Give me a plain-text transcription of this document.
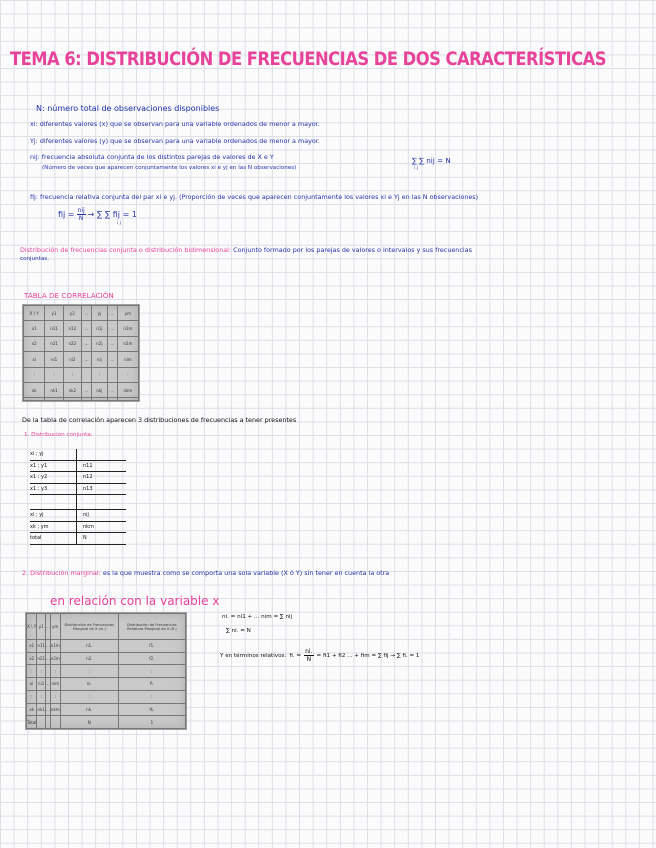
TEMA 6: DISTRIBUCIÓN DE FRECUENCIAS DE DOS CARACTERÍSTICAS
N: número total de observaciones disponibles
xi: diferentes valores (x) que se observan para una variable ordenados de menor a mayor.
Yj: diferentes valores (y) que se observan para una variable ordenados de menor a mayor.
nij: frecuencia absoluta conjunta de los distintos parejas de valores de X e Y
(Número de veces que aparecen conjuntamente los valores xi e yj en las N observaciones)
∑ ∑ nij = N
i j
fij: frecuencia relativa conjunta del par xi e yj. (Proporción de veces que aparecen conjuntamente los valores xi e Yj en las N observaciones)
fij = $\frac{\text{nij}}{N}$ → ∑ ∑ fij = 1
i j
Distribución de frecuencias conjunta o distribución bidimensional: Conjunto formado por los parejas de valores o intervalos y sus frecuencias
conjuntas.
TABLA DE CORRELACIÓN
X \ Y	y1	y2	...	yj	...	ym
x1	n11	n12	...	n1j	...	n1m
x2	n21	n22	...	n2j	...	n2m
xi	ni1	ni2	...	nij	...	nim
:	:	:		:		:
xk	nk1	nk2	...	nkj	...	nkm

De la tabla de correlación aparecen 3 distribuciones de frecuencias a tener presentes
1. Distribución conjunta:
xi ; yj
x1 ; y1	n11
x1 ; y2	n12
x1 ; y3	n13
xi ; yj	nij
xk ; ym	nkm
total	N
2. Distribución marginal: es la que muestra como se comporta una sola variable (X ó Y) sin tener en cuenta la otra
en relación con la variable x
X \ Y	y1	...	ym	Distribución de Frecuencias Marginal de X (ni.)	Distribución de Frecuencias Relativas Marginal de X (fi.)
x1	n11	...	n1m	n1.	f1.
x2	n21	...	n2m	n2.	f2.
:	:		:	:	:
xi	ni1	...	nim	ni.	fi.
:	:		:	:	:
xk	nk1	...	nkm	nk.	fk.
Total				N	1
ni. = ni1 + ... nim = ∑ nij
∑ ni. = N
Y en términos relativos: fi. = $\frac{ni.}{N} = fi1 + fi2$ ... + fim = ∑ fij → ∑ fi. = 1
